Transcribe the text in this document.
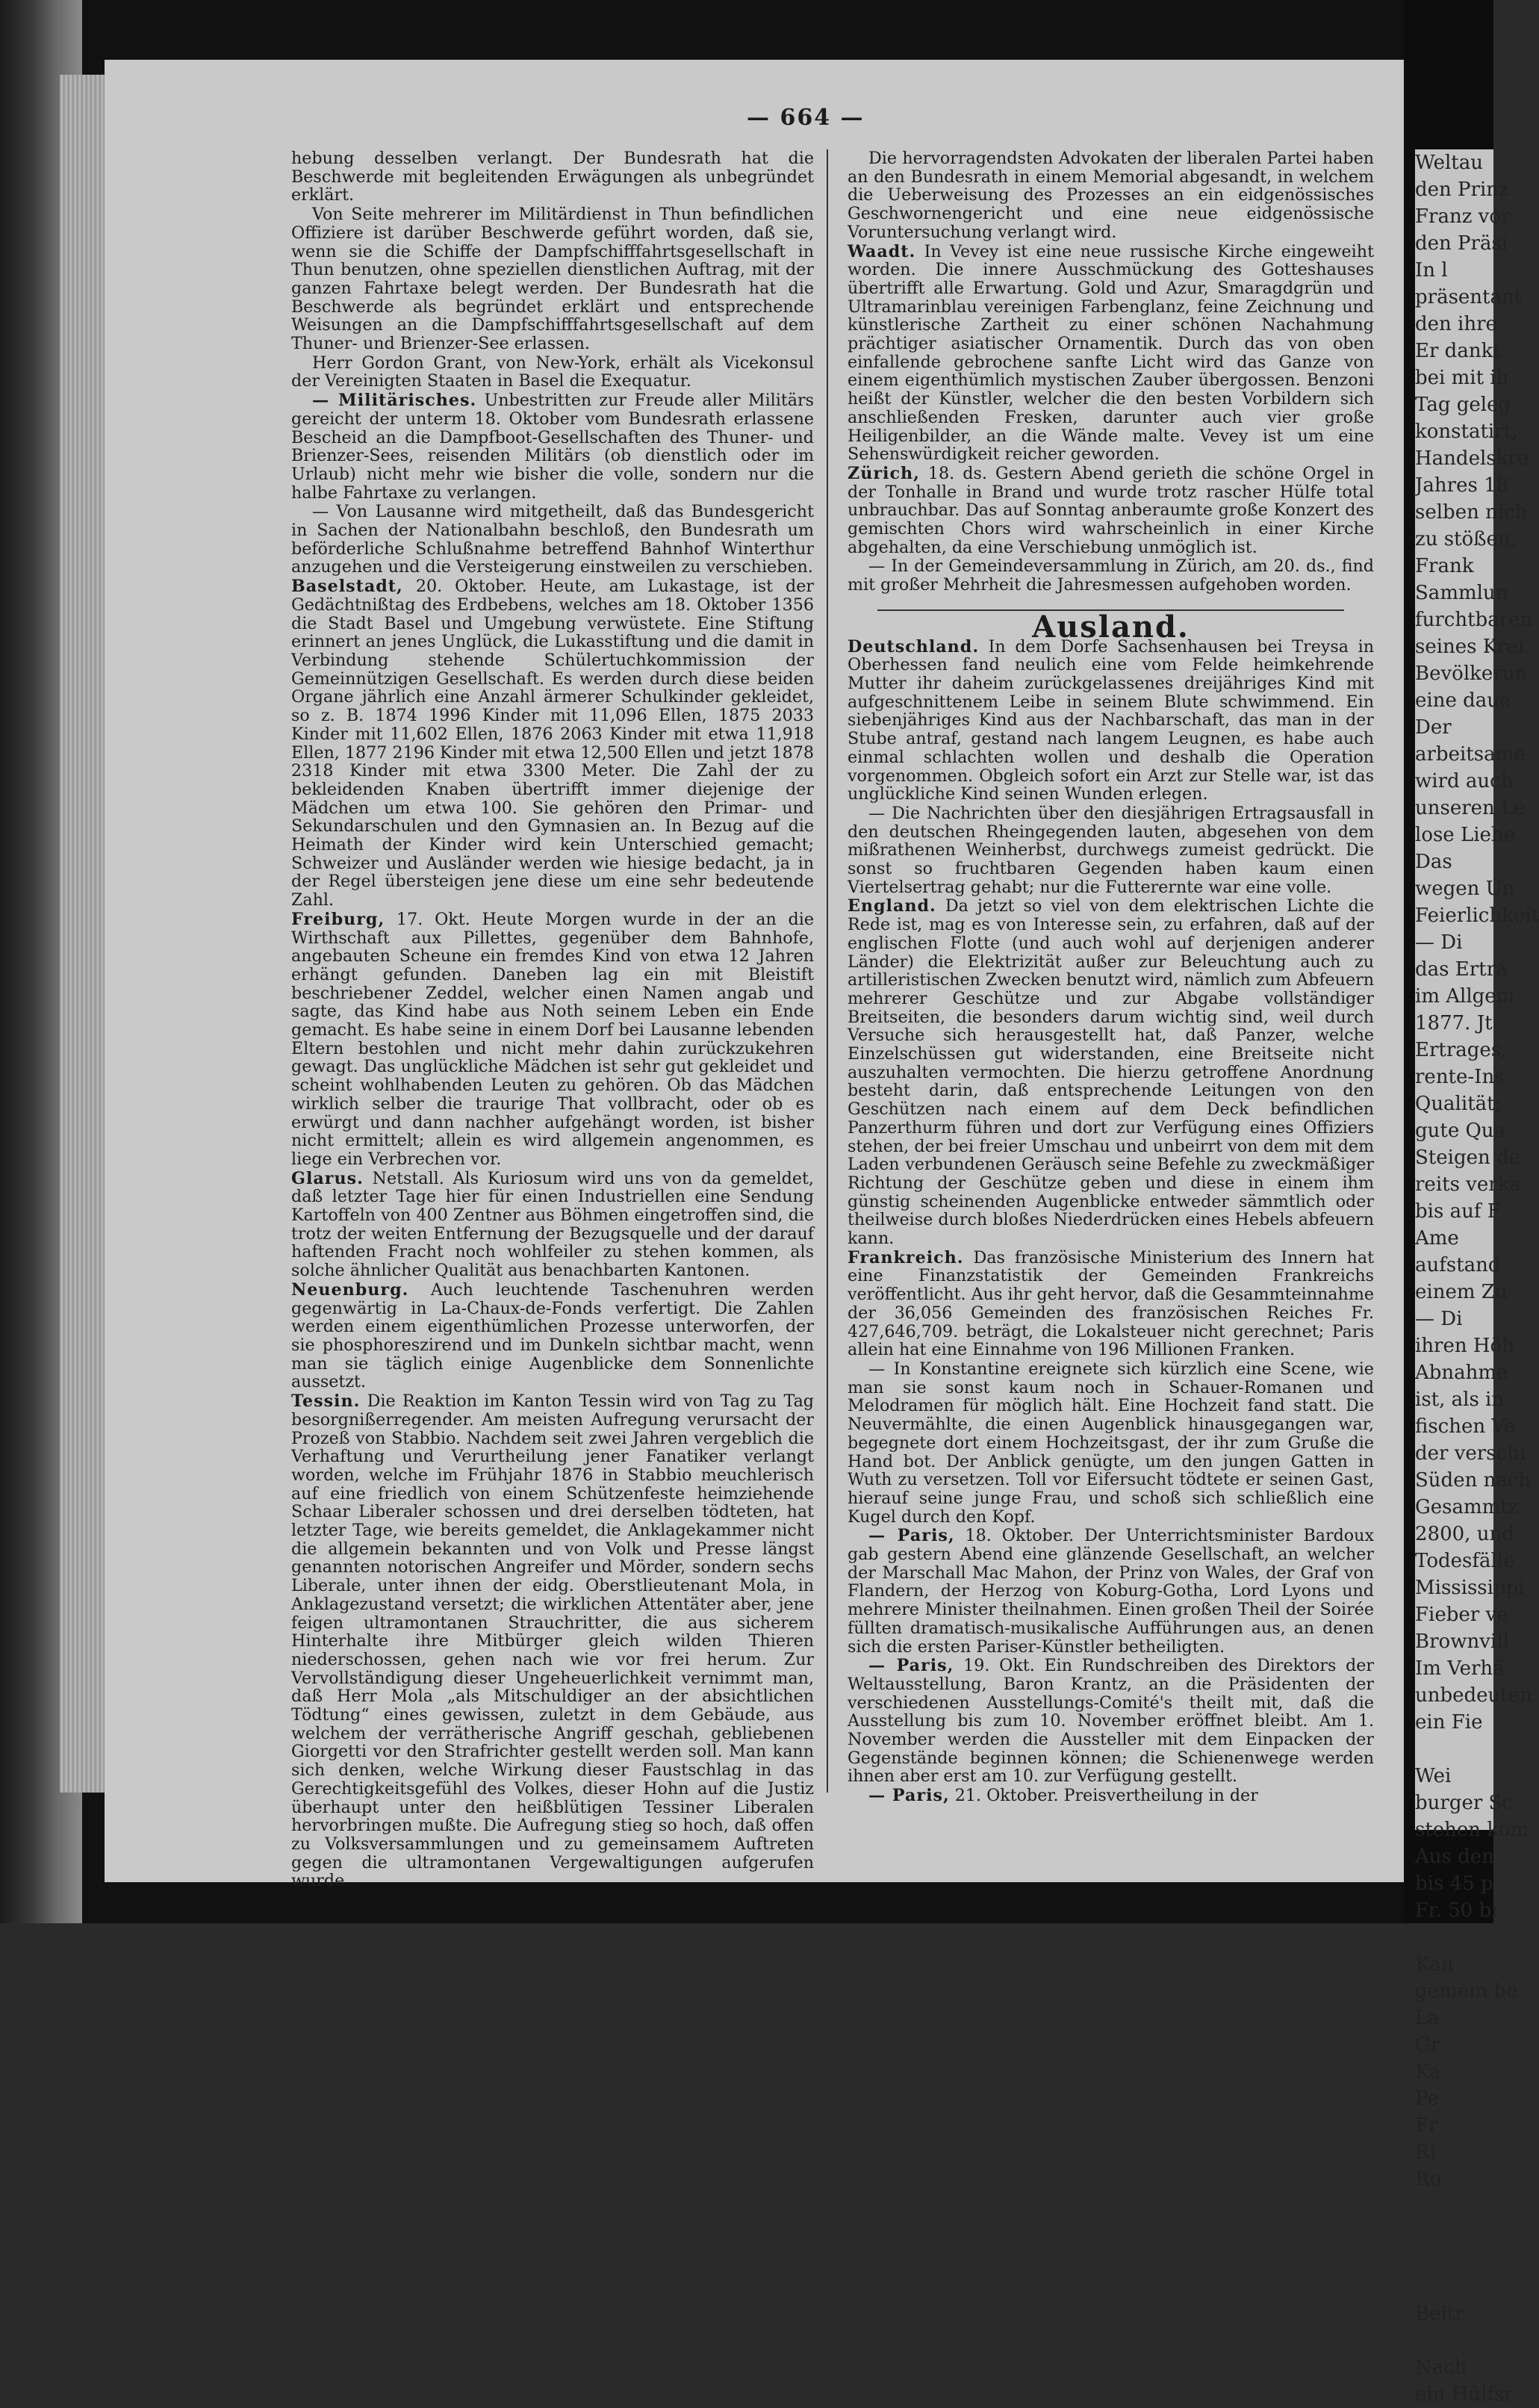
Weltau

den Prinz

Franz vor

den Präsi

In l

präsentant

den ihre

Er dankt

bei mit ih

Tag geleg

konstatirt,

Handelskre

Jahres 18

selben nich

zu stößen,

Frank

Sammlun

furchtbaren

seines Krei

Bevölkerun

eine daue

Der

arbeitsame

wird auch

unseren Le

lose Liebe

Das

wegen Un

Feierlichkeit

— Di

das Ertrá

im Allgem

1877. Jt

Ertrages,

rente-Ins

Qualität;

gute Qua

Steigen de

reits verka

bis auf F

Ame

aufstand

einem Zu

— Di

ihren Höh

Abnahme

ist, als in

fischen Ve

der verschi

Süden nach

Gesammtz

2800, und

Todesfälle

Mississippi

Fieber ve

Brownvill

Im Verhä

unbedeuten

ein Fie

Wei

burger Sc

stehen kom

Aus den

bis 45 p

Fr. 50 bi

Kan

gemein be

La

Gr

Ka

Pe

Fr

Ri

Ro

Beitr

Nach

ein Hülfsr

— 664 —

hebung desselben verlangt. Der Bundesrath hat die Beschwerde mit begleitenden Erwägungen als unbegründet erklärt.

Von Seite mehrerer im Militärdienst in Thun befindlichen Offiziere ist darüber Beschwerde geführt worden, daß sie, wenn sie die Schiffe der Dampfschifffahrtsgesellschaft in Thun benutzen, ohne speziellen dienstlichen Auftrag, mit der ganzen Fahrtaxe belegt werden. Der Bundesrath hat die Beschwerde als begründet erklärt und entsprechende Weisungen an die Dampfschifffahrtsgesellschaft auf dem Thuner- und Brienzer-See erlassen.

Herr Gordon Grant, von New-York, erhält als Vicekonsul der Vereinigten Staaten in Basel die Exequatur.

— Militärisches. Unbestritten zur Freude aller Militärs gereicht der unterm 18. Oktober vom Bundesrath erlassene Bescheid an die Dampfboot-Gesellschaften des Thuner- und Brienzer-Sees, reisenden Militärs (ob dienstlich oder im Urlaub) nicht mehr wie bisher die volle, sondern nur die halbe Fahrtaxe zu verlangen.

— Von Lausanne wird mitgetheilt, daß das Bundesgericht in Sachen der Nationalbahn beschloß, den Bundesrath um beförderliche Schlußnahme betreffend Bahnhof Winterthur anzugehen und die Versteigerung einstweilen zu verschieben.

Baselstadt, 20. Oktober. Heute, am Lukastage, ist der Gedächtnißtag des Erdbebens, welches am 18. Oktober 1356 die Stadt Basel und Umgebung verwüstete. Eine Stiftung erinnert an jenes Unglück, die Lukasstiftung und die damit in Verbindung stehende Schülertuchkommission der Gemeinnützigen Gesellschaft. Es werden durch diese beiden Organe jährlich eine Anzahl ärmerer Schulkinder gekleidet, so z. B. 1874 1996 Kinder mit 11,096 Ellen, 1875 2033 Kinder mit 11,602 Ellen, 1876 2063 Kinder mit etwa 11,918 Ellen, 1877 2196 Kinder mit etwa 12,500 Ellen und jetzt 1878 2318 Kinder mit etwa 3300 Meter. Die Zahl der zu bekleidenden Knaben übertrifft immer diejenige der Mädchen um etwa 100. Sie gehören den Primar- und Sekundarschulen und den Gymnasien an. In Bezug auf die Heimath der Kinder wird kein Unterschied gemacht; Schweizer und Ausländer werden wie hiesige bedacht, ja in der Regel übersteigen jene diese um eine sehr bedeutende Zahl.

Freiburg, 17. Okt. Heute Morgen wurde in der an die Wirthschaft aux Pillettes, gegenüber dem Bahnhofe, angebauten Scheune ein fremdes Kind von etwa 12 Jahren erhängt gefunden. Daneben lag ein mit Bleistift beschriebener Zeddel, welcher einen Namen angab und sagte, das Kind habe aus Noth seinem Leben ein Ende gemacht. Es habe seine in einem Dorf bei Lausanne lebenden Eltern bestohlen und nicht mehr dahin zurückzukehren gewagt. Das unglückliche Mädchen ist sehr gut gekleidet und scheint wohlhabenden Leuten zu gehören. Ob das Mädchen wirklich selber die traurige That vollbracht, oder ob es erwürgt und dann nachher aufgehängt worden, ist bisher nicht ermittelt; allein es wird allgemein angenommen, es liege ein Verbrechen vor.

Glarus. Netstall. Als Kuriosum wird uns von da gemeldet, daß letzter Tage hier für einen Industriellen eine Sendung Kartoffeln von 400 Zentner aus Böhmen eingetroffen sind, die trotz der weiten Entfernung der Bezugsquelle und der darauf haftenden Fracht noch wohlfeiler zu stehen kommen, als solche ähnlicher Qualität aus benachbarten Kantonen.

Neuenburg. Auch leuchtende Taschenuhren werden gegenwärtig in La-Chaux-de-Fonds verfertigt. Die Zahlen werden einem eigenthümlichen Prozesse unterworfen, der sie phosphoreszirend und im Dunkeln sichtbar macht, wenn man sie täglich einige Augenblicke dem Sonnenlichte aussetzt.

Tessin. Die Reaktion im Kanton Tessin wird von Tag zu Tag besorgnißerregender. Am meisten Aufregung verursacht der Prozeß von Stabbio. Nachdem seit zwei Jahren vergeblich die Verhaftung und Verurtheilung jener Fanatiker verlangt worden, welche im Frühjahr 1876 in Stabbio meuchlerisch auf eine friedlich von einem Schützenfeste heimziehende Schaar Liberaler schossen und drei derselben tödteten, hat letzter Tage, wie bereits gemeldet, die Anklagekammer nicht die allgemein bekannten und von Volk und Presse längst genannten notorischen Angreifer und Mörder, sondern sechs Liberale, unter ihnen der eidg. Oberstlieutenant Mola, in Anklagezustand versetzt; die wirklichen Attentäter aber, jene feigen ultramontanen Strauchritter, die aus sicherem Hinterhalte ihre Mitbürger gleich wilden Thieren niederschossen, gehen nach wie vor frei herum. Zur Vervollständigung dieser Ungeheuerlichkeit vernimmt man, daß Herr Mola „als Mitschuldiger an der absichtlichen Tödtung“ eines gewissen, zuletzt in dem Gebäude, aus welchem der verrätherische Angriff geschah, gebliebenen Giorgetti vor den Strafrichter gestellt werden soll. Man kann sich denken, welche Wirkung dieser Faustschlag in das Gerechtigkeitsgefühl des Volkes, dieser Hohn auf die Justiz überhaupt unter den heißblütigen Tessiner Liberalen hervorbringen mußte. Die Aufregung stieg so hoch, daß offen zu Volksversammlungen und zu gemeinsamem Auftreten gegen die ultramontanen Vergewaltigungen aufgerufen wurde.

Die hervorragendsten Advokaten der liberalen Partei haben an den Bundesrath in einem Memorial abgesandt, in welchem die Ueberweisung des Prozesses an ein eidgenössisches Geschwornengericht und eine neue eidgenössische Voruntersuchung verlangt wird.

Waadt. In Vevey ist eine neue russische Kirche eingeweiht worden. Die innere Ausschmückung des Gotteshauses übertrifft alle Erwartung. Gold und Azur, Smaragdgrün und Ultramarinblau vereinigen Farbenglanz, feine Zeichnung und künstlerische Zartheit zu einer schönen Nachahmung prächtiger asiatischer Ornamentik. Durch das von oben einfallende gebrochene sanfte Licht wird das Ganze von einem eigenthümlich mystischen Zauber übergossen. Benzoni heißt der Künstler, welcher die den besten Vorbildern sich anschließenden Fresken, darunter auch vier große Heiligenbilder, an die Wände malte. Vevey ist um eine Sehenswürdigkeit reicher geworden.

Zürich, 18. ds. Gestern Abend gerieth die schöne Orgel in der Tonhalle in Brand und wurde trotz rascher Hülfe total unbrauchbar. Das auf Sonntag anberaumte große Konzert des gemischten Chors wird wahrscheinlich in einer Kirche abgehalten, da eine Verschiebung unmöglich ist.

— In der Gemeindeversammlung in Zürich, am 20. ds., find mit großer Mehrheit die Jahresmessen aufgehoben worden.

Ausland.

Deutschland. In dem Dorfe Sachsenhausen bei Treysa in Oberhessen fand neulich eine vom Felde heimkehrende Mutter ihr daheim zurückgelassenes dreijähriges Kind mit aufgeschnittenem Leibe in seinem Blute schwimmend. Ein siebenjähriges Kind aus der Nachbarschaft, das man in der Stube antraf, gestand nach langem Leugnen, es habe auch einmal schlachten wollen und deshalb die Operation vorgenommen. Obgleich sofort ein Arzt zur Stelle war, ist das unglückliche Kind seinen Wunden erlegen.

— Die Nachrichten über den diesjährigen Ertragsausfall in den deutschen Rheingegenden lauten, abgesehen von dem mißrathenen Weinherbst, durchwegs zumeist gedrückt. Die sonst so fruchtbaren Gegenden haben kaum einen Viertelsertrag gehabt; nur die Futterernte war eine volle.

England. Da jetzt so viel von dem elektrischen Lichte die Rede ist, mag es von Interesse sein, zu erfahren, daß auf der englischen Flotte (und auch wohl auf derjenigen anderer Länder) die Elektrizität außer zur Beleuchtung auch zu artilleristischen Zwecken benutzt wird, nämlich zum Abfeuern mehrerer Geschütze und zur Abgabe vollständiger Breitseiten, die besonders darum wichtig sind, weil durch Versuche sich herausgestellt hat, daß Panzer, welche Einzelschüssen gut widerstanden, eine Breitseite nicht auszuhalten vermochten. Die hierzu getroffene Anordnung besteht darin, daß entsprechende Leitungen von den Geschützen nach einem auf dem Deck befindlichen Panzerthurm führen und dort zur Verfügung eines Offiziers stehen, der bei freier Umschau und unbeirrt von dem mit dem Laden verbundenen Geräusch seine Befehle zu zweckmäßiger Richtung der Geschütze geben und diese in einem ihm günstig scheinenden Augenblicke entweder sämmtlich oder theilweise durch bloßes Niederdrücken eines Hebels abfeuern kann.

Frankreich. Das französische Ministerium des Innern hat eine Finanzstatistik der Gemeinden Frankreichs veröffentlicht. Aus ihr geht hervor, daß die Gesammteinnahme der 36,056 Gemeinden des französischen Reiches Fr. 427,646,709. beträgt, die Lokalsteuer nicht gerechnet; Paris allein hat eine Einnahme von 196 Millionen Franken.

— In Konstantine ereignete sich kürzlich eine Scene, wie man sie sonst kaum noch in Schauer-Romanen und Melodramen für möglich hält. Eine Hochzeit fand statt. Die Neuvermählte, die einen Augenblick hinausgegangen war, begegnete dort einem Hochzeitsgast, der ihr zum Gruße die Hand bot. Der Anblick genügte, um den jungen Gatten in Wuth zu versetzen. Toll vor Eifersucht tödtete er seinen Gast, hierauf seine junge Frau, und schoß sich schließlich eine Kugel durch den Kopf.

— Paris, 18. Oktober. Der Unterrichtsminister Bardoux gab gestern Abend eine glänzende Gesellschaft, an welcher der Marschall Mac Mahon, der Prinz von Wales, der Graf von Flandern, der Herzog von Koburg-Gotha, Lord Lyons und mehrere Minister theilnahmen. Einen großen Theil der Soirée füllten dramatisch-musikalische Aufführungen aus, an denen sich die ersten Pariser-Künstler betheiligten.

— Paris, 19. Okt. Ein Rundschreiben des Direktors der Weltausstellung, Baron Krantz, an die Präsidenten der verschiedenen Ausstellungs-Comité's theilt mit, daß die Ausstellung bis zum 10. November eröffnet bleibt. Am 1. November werden die Aussteller mit dem Einpacken der Gegenstände beginnen können; die Schienenwege werden ihnen aber erst am 10. zur Verfügung gestellt.

— Paris, 21. Oktober. Preisvertheilung in der
